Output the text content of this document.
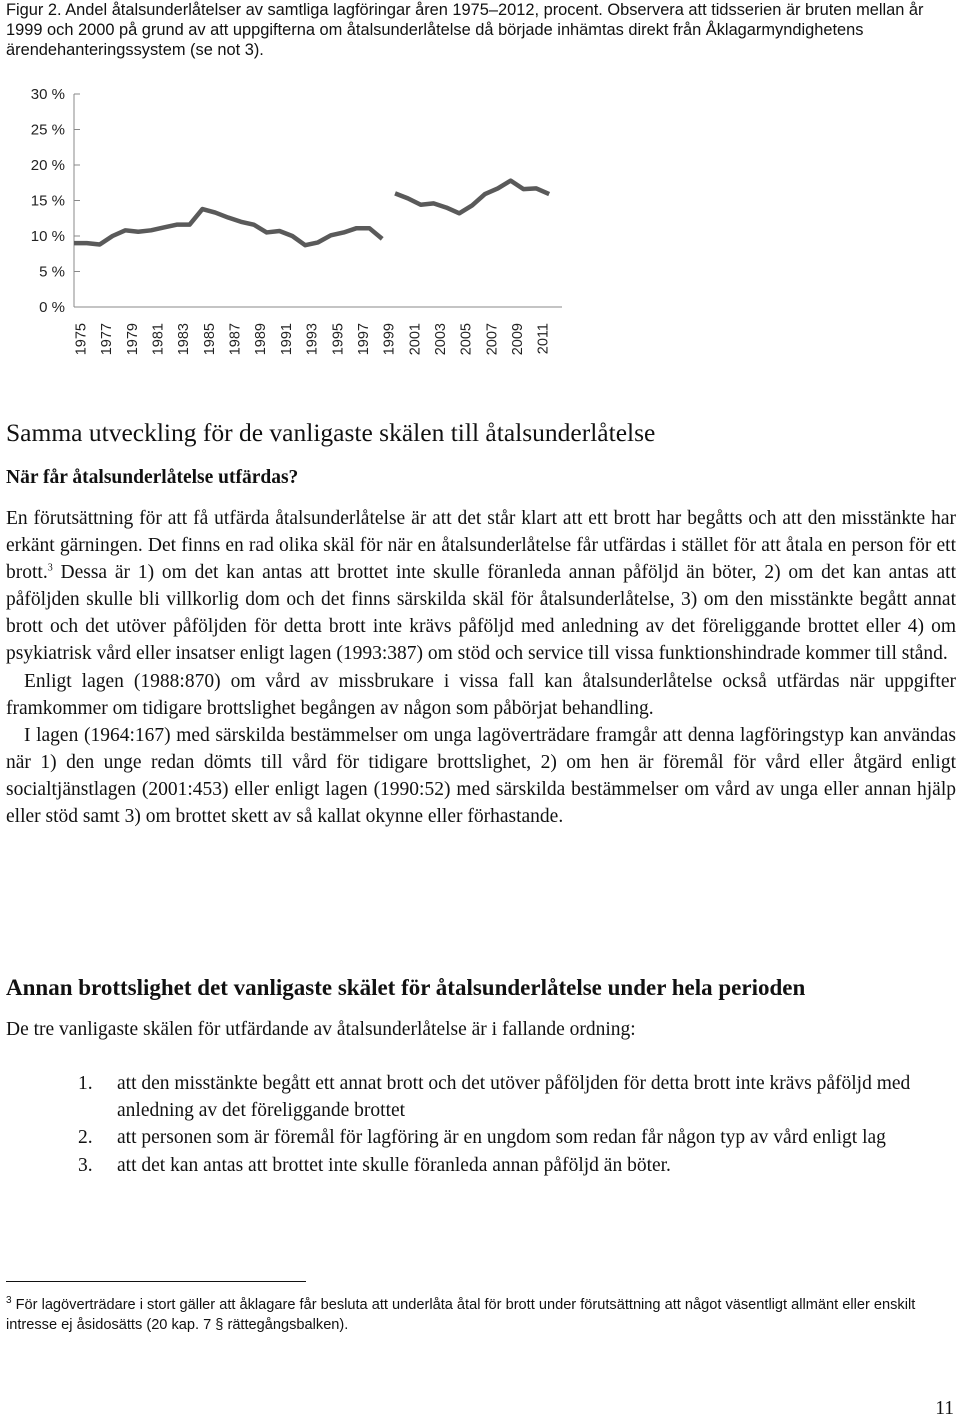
Figur 2. Andel åtalsunderlåtelser av samtliga lagföringar åren 1975–2012, procent. Observera att tidsserien är bruten mellan år 1999 och 2000 på grund av att uppgifterna om åtalsunderlåtelse då började inhämtas direkt från Åklagarmyndighetens ärendehanteringssystem (se not 3).
0 %
5 %
10 %
15 %
20 %
25 %
30 %
1975 1977 1979 1981 1983 1985 1987 1989 1991 1993 1995 1997 1999 2001 2003 2005 2007 2009 2011
Samma utveckling för de vanligaste skälen till åtalsunderlåtelse
När får åtalsunderlåtelse utfärdas?

En förutsättning för att få utfärda åtalsunderlåtelse är att det står klart att ett brott har begåtts och att den misstänkte har erkänt gärningen. Det finns en rad olika skäl för när en åtalsunderlåtelse får utfärdas i stället för att åtala en person för ett brott.$^3$ Dessa är 1) om det kan antas att brottet inte skulle föranleda annan påföljd än böter, 2) om det kan antas att påföljden skulle bli villkorlig dom och det finns särskilda skäl för åtalsunderlåtelse, 3) om den misstänkte begått annat brott och det utöver påföljden för detta brott inte krävs påföljd med anledning av det föreliggande brottet eller 4) om psykiatrisk vård eller insatser enligt lagen (1993:387) om stöd och service till vissa funktionshindrade kommer till stånd.

Enligt lagen (1988:870) om vård av missbrukare i vissa fall kan åtalsunderlåtelse också utfärdas när uppgifter framkommer om tidigare brottslighet begången av någon som påbörjat behandling.

I lagen (1964:167) med särskilda bestämmelser om unga lagöverträdare framgår att denna lagföringstyp kan användas när 1) den unge redan dömts till vård för tidigare brottslighet, 2) om hen är föremål för vård eller åtgärd enligt socialtjänstlagen (2001:453) eller enligt lagen (1990:52) med särskilda bestämmelser om vård av unga eller annan hjälp eller stöd samt 3) om brottet skett av så kallat okynne eller förhastande.

Annan brottslighet det vanligaste skälet för åtalsunderlåtelse under hela perioden
De tre vanligaste skälen för utfärdande av åtalsunderlåtelse är i fallande ordning:
1. att den misstänkte begått ett annat brott och det utöver påföljden för detta brott inte krävs påföljd med anledning av det föreliggande brottet
2. att personen som är föremål för lagföring är en ungdom som redan får någon typ av vård enligt lag
3. att det kan antas att brottet inte skulle föranleda annan påföljd än böter.
$^3$ För lagöverträdare i stort gäller att åklagare får besluta att underlåta åtal för brott under förutsättning att något väsentligt allmänt eller enskilt intresse ej åsidosätts (20 kap. 7 § rättegångsbalken).
11
